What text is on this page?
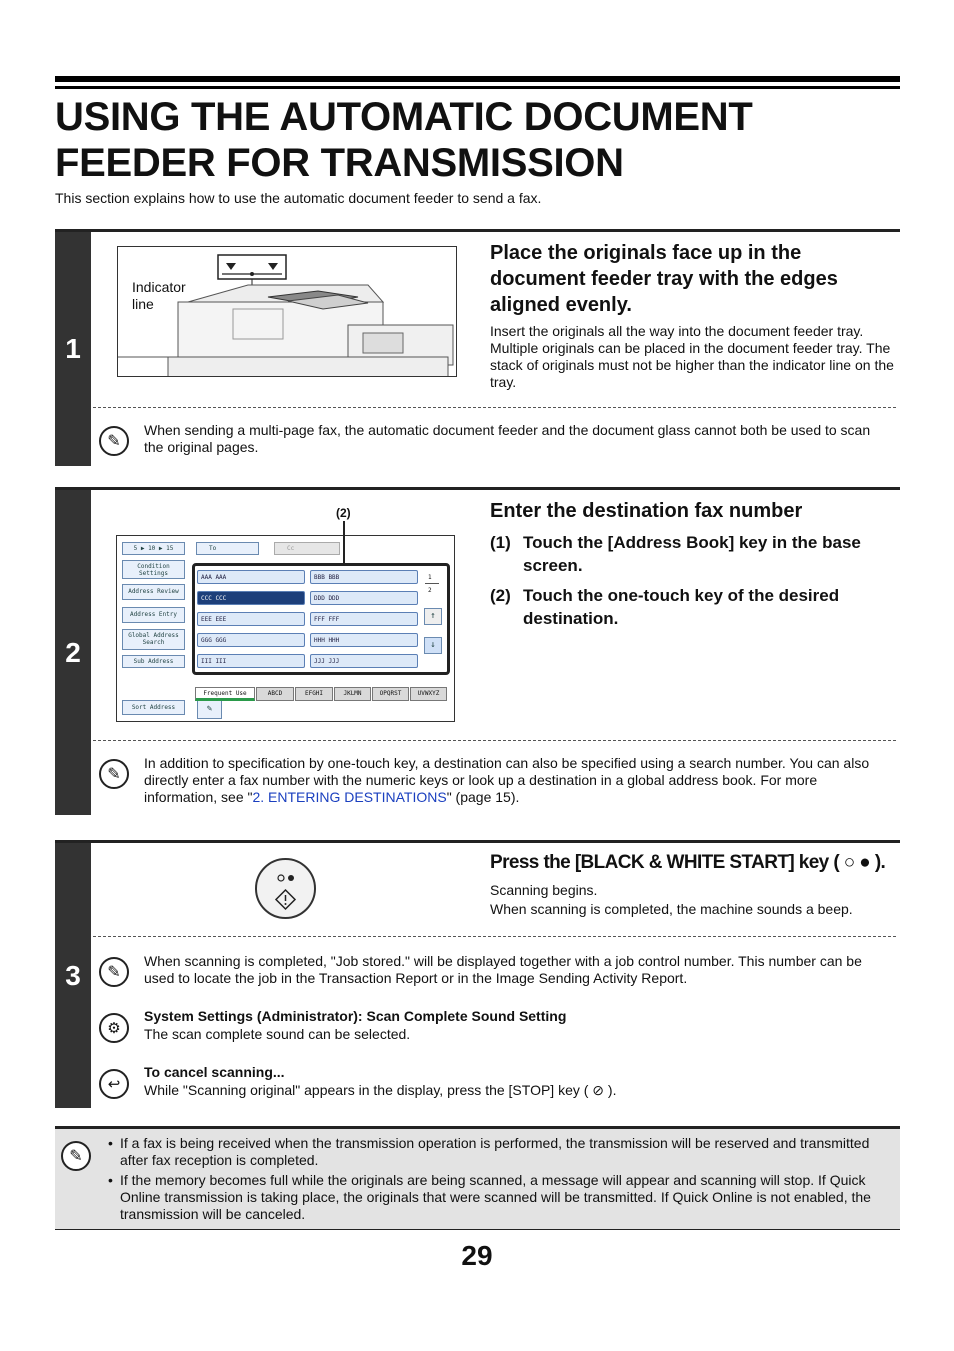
USING THE AUTOMATIC DOCUMENT
FEEDER FOR TRANSMISSION
This section explains how to use the automatic document feeder to send a fax.
1
Indicator line
Place the originals face up in the document feeder tray with the edges aligned evenly.
Insert the originals all the way into the document feeder tray. Multiple originals can be placed in the document feeder tray. The stack of originals must not be higher than the indicator line on the tray.
✎
When sending a multi-page fax, the automatic document feeder and the document glass cannot both be used to scan the original pages.
2
(2)
5 ▶ 10 ▶ 15	To	Cc
Condition Settings
Address Review
Address Entry
Global Address Search
Sub Address
Sort Address	✎
AAA AAA	BBB BBB
CCC CCC	DDD DDD
EEE EEE	FFF FFF
GGG GGG	HHH HHH
III III	JJJ JJJ
1
2
↑
↓
Frequent Use	ABCD	EFGHI	JKLMN	OPQRST	UVWXYZ
Enter the destination fax number
(1) Touch the [Address Book] key in the base screen.
(2) Touch the one-touch key of the desired destination.
✎
In addition to specification by one-touch key, a destination can also be specified using a search number. You can also directly enter a fax number with the numeric keys or look up a destination in a global address book. For more information, see "2. ENTERING DESTINATIONS" (page 15).
3
Press the [BLACK & WHITE START] key ( ○ ● ).
Scanning begins.
When scanning is completed, the machine sounds a beep.
✎
When scanning is completed, "Job stored." will be displayed together with a job control number. This number can be used to locate the job in the Transaction Report or in the Image Sending Activity Report.
⚙
System Settings (Administrator): Scan Complete Sound Setting
The scan complete sound can be selected.
↩
To cancel scanning...
While "Scanning original" appears in the display, press the [STOP] key ( ⊘ ).
✎
• If a fax is being received when the transmission operation is performed, the transmission will be reserved and transmitted after fax reception is completed.
• If the memory becomes full while the originals are being scanned, a message will appear and scanning will stop. If Quick Online transmission is taking place, the originals that were scanned will be transmitted. If Quick Online is not enabled, the transmission will be canceled.
29
